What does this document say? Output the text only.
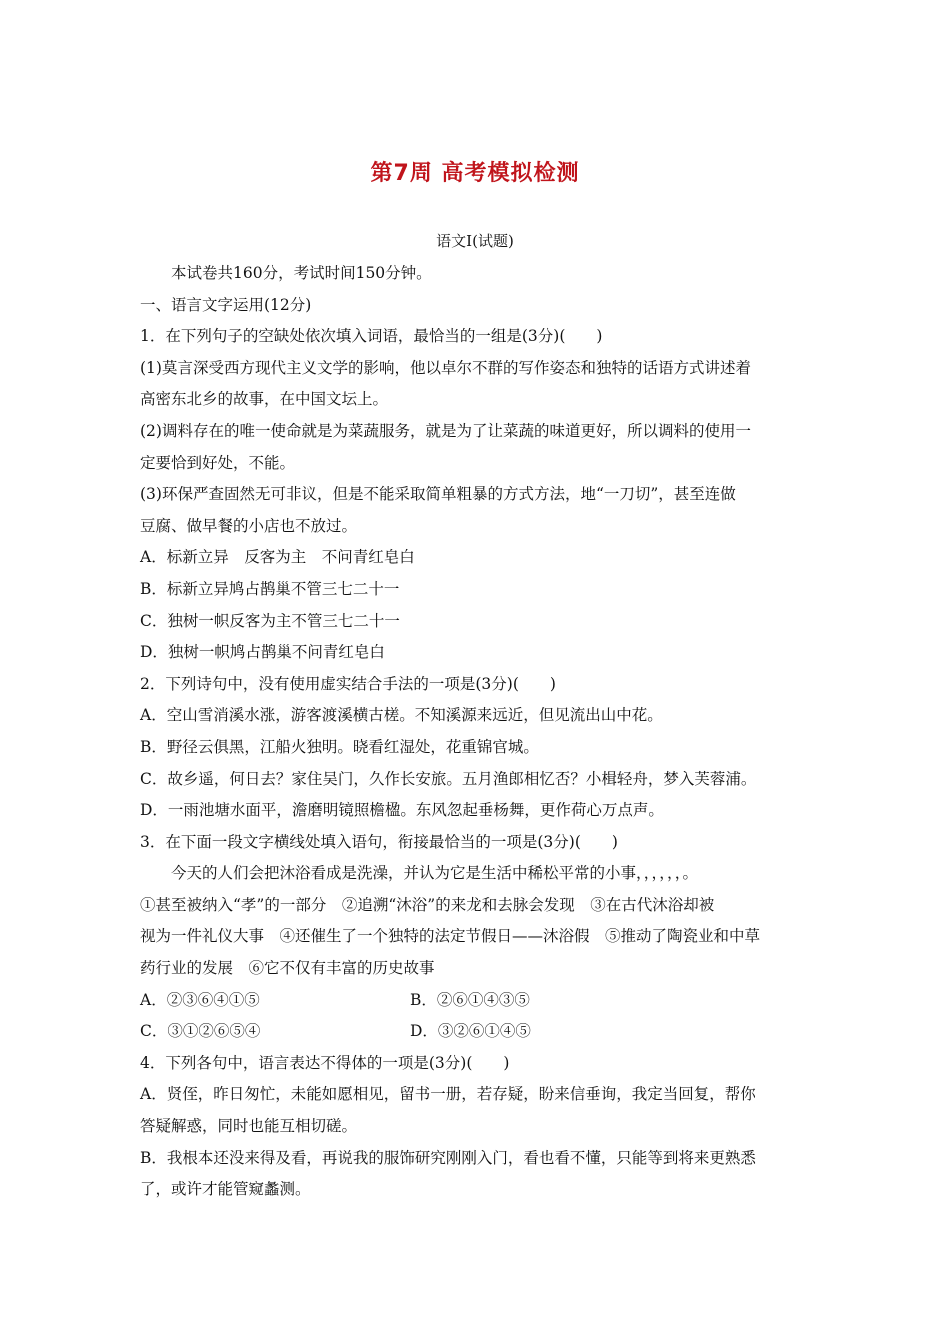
第7周 高考模拟检测
语文Ⅰ(试题)
本试卷共160分，考试时间150分钟。
一、语言文字运用(12分)
1．在下列句子的空缺处依次填入词语，最恰当的一组是(3分)(　　)
(1)莫言深受西方现代主义文学的影响，他以卓尔不群的写作姿态和独特的话语方式讲述着
高密东北乡的故事，在中国文坛上。
(2)调料存在的唯一使命就是为菜蔬服务，就是为了让菜蔬的味道更好，所以调料的使用一
定要恰到好处，不能。
(3)环保严查固然无可非议，但是不能采取简单粗暴的方式方法，地“一刀切”，甚至连做
豆腐、做早餐的小店也不放过。
A．标新立异　反客为主　不问青红皂白
B．标新立异鸠占鹊巢不管三七二十一
C．独树一帜反客为主不管三七二十一
D．独树一帜鸠占鹊巢不问青红皂白
2．下列诗句中，没有使用虚实结合手法的一项是(3分)(　　)
A．空山雪消溪水涨，游客渡溪横古槎。不知溪源来远近，但见流出山中花。
B．野径云俱黑，江船火独明。晓看红湿处，花重锦官城。
C．故乡遥，何日去？家住吴门，久作长安旅。五月渔郎相忆否？小楫轻舟，梦入芙蓉浦。
D．一雨池塘水面平，澹磨明镜照檐楹。东风忽起垂杨舞，更作荷心万点声。
3．在下面一段文字横线处填入语句，衔接最恰当的一项是(3分)(　　)
今天的人们会把沐浴看成是洗澡，并认为它是生活中稀松平常的小事，，，，，，。
①甚至被纳入“孝”的一部分　②追溯“沐浴”的来龙和去脉会发现　③在古代沐浴却被
视为一件礼仪大事　④还催生了一个独特的法定节假日——沐浴假　⑤推动了陶瓷业和中草
药行业的发展　⑥它不仅有丰富的历史故事
A．②③⑥④①⑤	B．②⑥①④③⑤
C．③①②⑥⑤④	D．③②⑥①④⑤
4．下列各句中，语言表达不得体的一项是(3分)(　　)
A．贤侄，昨日匆忙，未能如愿相见，留书一册，若存疑，盼来信垂询，我定当回复，帮你
答疑解惑，同时也能互相切磋。
B．我根本还没来得及看，再说我的服饰研究刚刚入门，看也看不懂，只能等到将来更熟悉
了，或许才能管窥蠡测。
